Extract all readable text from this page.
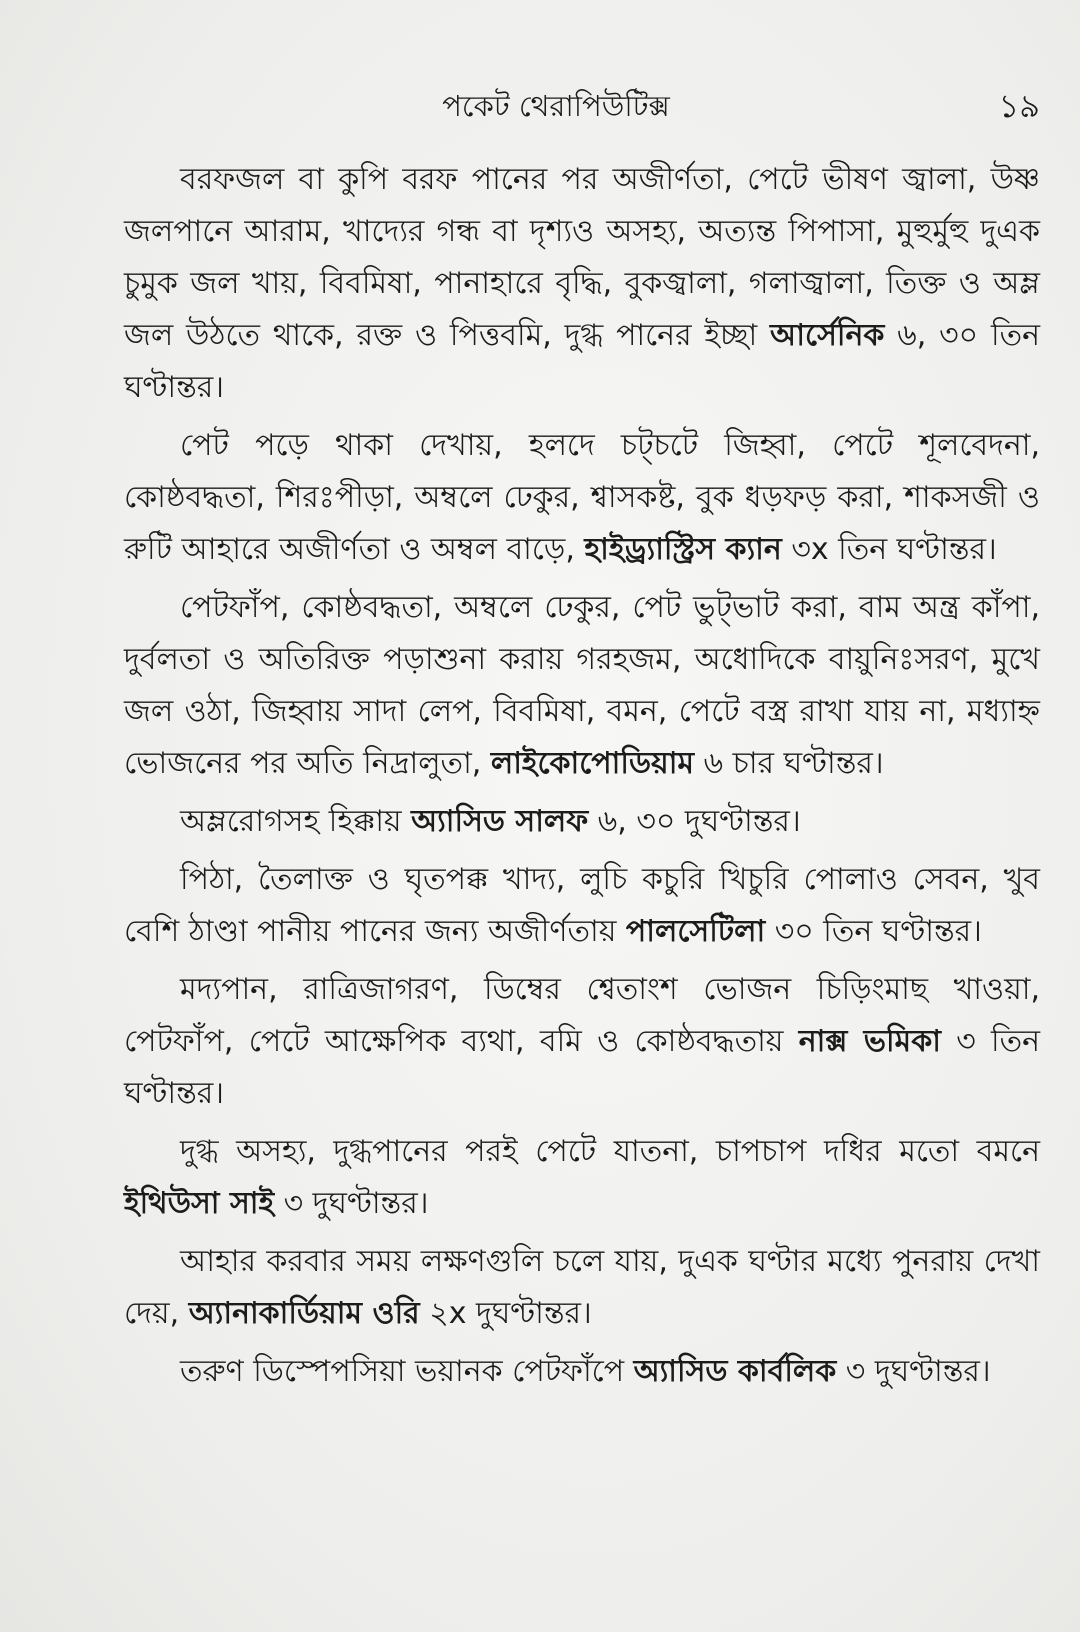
পকেট থেরাপিউটিক্স	১৯

বরফজল বা কুপি বরফ পানের পর অজীর্ণতা, পেটে ভীষণ জ্বালা, উষ্ণ জলপানে আরাম, খাদ্যের গন্ধ বা দৃশ্যও অসহ্য, অত্যন্ত পিপাসা, মুহুর্মুহু দুএক চুমুক জল খায়, বিবমিষা, পানাহারে বৃদ্ধি, বুকজ্বালা, গলাজ্বালা, তিক্ত ও অম্ল জল উঠতে থাকে, রক্ত ও পিত্তবমি, দুগ্ধ পানের ইচ্ছা আর্সেনিক ৬, ৩০ তিন ঘণ্টান্তর।

পেট পড়ে থাকা দেখায়, হলদে চট্চটে জিহ্বা, পেটে শূলবেদনা, কোষ্ঠবদ্ধতা, শিরঃপীড়া, অম্বলে ঢেকুর, শ্বাসকষ্ট, বুক ধড়ফড় করা, শাকসজী ও রুটি আহারে অজীর্ণতা ও অম্বল বাড়ে, হাইড্র্যাস্ট্রিস ক্যান ৩x তিন ঘণ্টান্তর।

পেটফাঁপ, কোষ্ঠবদ্ধতা, অম্বলে ঢেকুর, পেট ভুট্ভাট করা, বাম অন্ত্র কাঁপা, দুর্বলতা ও অতিরিক্ত পড়াশুনা করায় গরহজম, অধোদিকে বায়ুনিঃসরণ, মুখে জল ওঠা, জিহ্বায় সাদা লেপ, বিবমিষা, বমন, পেটে বস্ত্র রাখা যায় না, মধ্যাহ্ন ভোজনের পর অতি নিদ্রালুতা, লাইকোপোডিয়াম ৬ চার ঘণ্টান্তর।

অম্লরোগসহ হিক্কায় অ্যাসিড সালফ ৬, ৩০ দুঘণ্টান্তর।

পিঠা, তৈলাক্ত ও ঘৃতপক্ক খাদ্য, লুচি কচুরি খিচুরি পোলাও সেবন, খুব বেশি ঠাণ্ডা পানীয় পানের জন্য অজীর্ণতায় পালসেটিলা ৩০ তিন ঘণ্টান্তর।

মদ্যপান, রাত্রিজাগরণ, ডিম্বের শ্বেতাংশ ভোজন চিড়িংমাছ খাওয়া, পেটফাঁপ, পেটে আক্ষেপিক ব্যথা, বমি ও কোষ্ঠবদ্ধতায় নাক্স ভমিকা ৩ তিন ঘণ্টান্তর।

দুগ্ধ অসহ্য, দুগ্ধপানের পরই পেটে যাতনা, চাপচাপ দধির মতো বমনে ইথিউসা সাই ৩ দুঘণ্টান্তর।

আহার করবার সময় লক্ষণগুলি চলে যায়, দুএক ঘণ্টার মধ্যে পুনরায় দেখা দেয়, অ্যানাকার্ডিয়াম ওরি ২x দুঘণ্টান্তর।

তরুণ ডিস্পেপসিয়া ভয়ানক পেটফাঁপে অ্যাসিড কার্বলিক ৩ দুঘণ্টান্তর।
